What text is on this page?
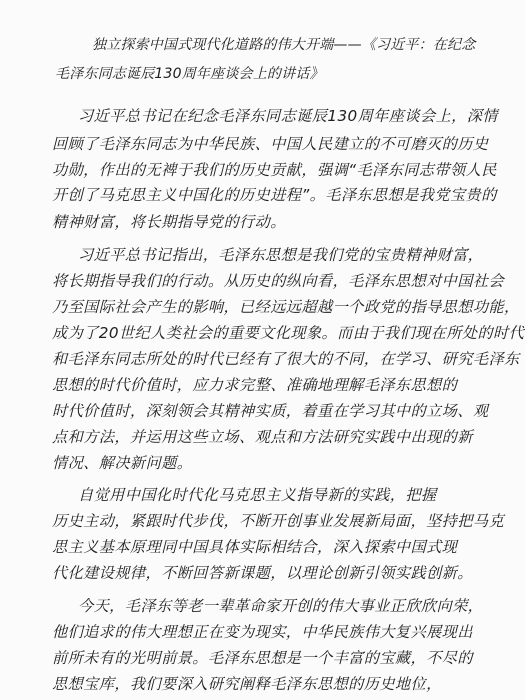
独立探索中国式现代化道路的伟大开端——《习近平：在纪念
毛泽东同志诞辰130周年座谈会上的讲话》
习近平总书记在纪念毛泽东同志诞辰130周年座谈会上，深情
回顾了毛泽东同志为中华民族、中国人民建立的不可磨灭的历史
功勋，作出的无裨于我们的历史贡献，强调“毛泽东同志带领人民
开创了马克思主义中国化的历史进程”。毛泽东思想是我党宝贵的
精神财富，将长期指导党的行动。
习近平总书记指出，毛泽东思想是我们党的宝贵精神财富，
将长期指导我们的行动。从历史的纵向看，毛泽东思想对中国社会
乃至国际社会产生的影响，已经远远超越一个政党的指导思想功能，
成为了20世纪人类社会的重要文化现象。而由于我们现在所处的时代
和毛泽东同志所处的时代已经有了很大的不同，在学习、研究毛泽东
思想的时代价值时，应力求完整、准确地理解毛泽东思想的
时代价值时，深刻领会其精神实质，着重在学习其中的立场、观
点和方法，并运用这些立场、观点和方法研究实践中出现的新
情况、解决新问题。
自觉用中国化时代化马克思主义指导新的实践，把握
历史主动，紧跟时代步伐，不断开创事业发展新局面，坚持把马克
思主义基本原理同中国具体实际相结合，深入探索中国式现
代化建设规律，不断回答新课题，以理论创新引领实践创新。
今天，毛泽东等老一辈革命家开创的伟大事业正欣欣向荣，
他们追求的伟大理想正在变为现实，中华民族伟大复兴展现出
前所未有的光明前景。毛泽东思想是一个丰富的宝藏，不尽的
思想宝库，我们要深入研究阐释毛泽东思想的历史地位，
